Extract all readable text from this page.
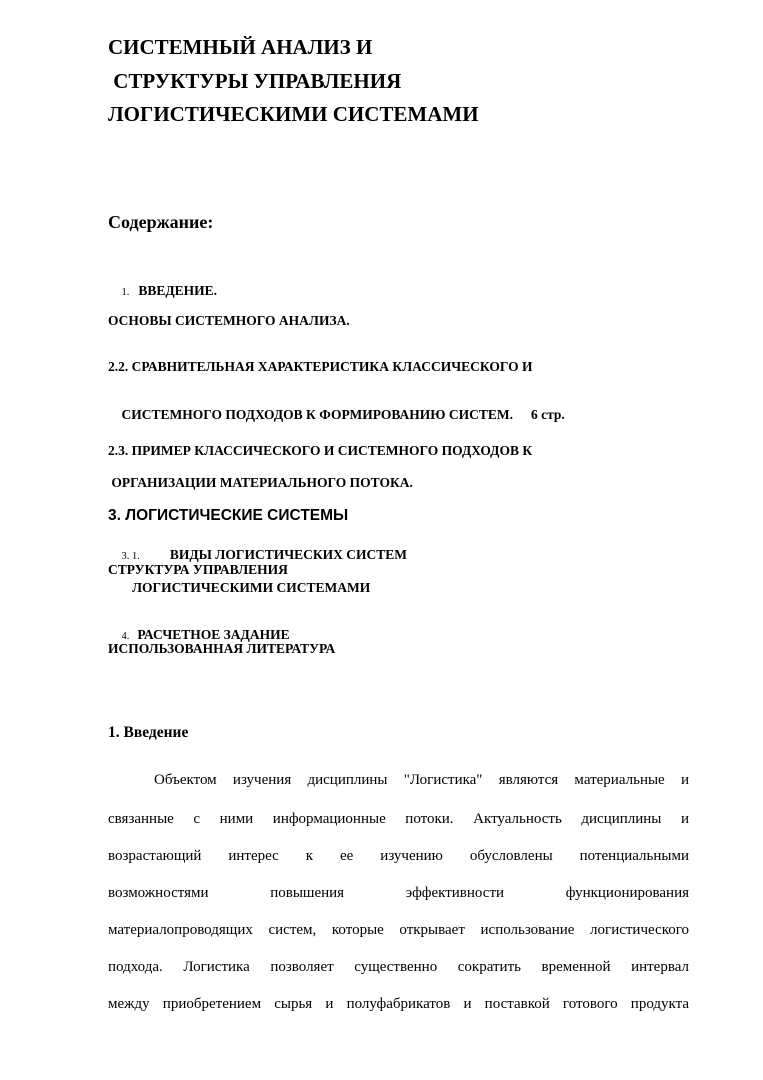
СИСТЕМНЫЙ АНАЛИЗ И
СТРУКТУРЫ УПРАВЛЕНИЯ
ЛОГИСТИЧЕСКИМИ СИСТЕМАМИ
Содержание:

1. ВВЕДЕНИЕ.

ОСНОВЫ СИСТЕМНОГО АНАЛИЗА.
2.2. СРАВНИТЕЛЬНАЯ ХАРАКТЕРИСТИКА КЛАССИЧЕСКОГО И

СИСТЕМНОГО ПОДХОДОВ К ФОРМИРОВАНИЮ СИСТЕМ. 6 стр.

2.3. ПРИМЕР КЛАССИЧЕСКОГО И СИСТЕМНОГО ПОДХОДОВ К
ОРГАНИЗАЦИИ МАТЕРИАЛЬНОГО ПОТОКА.
3. ЛОГИСТИЧЕСКИЕ СИСТЕМЫ

3. 1. ВИДЫ ЛОГИСТИЧЕСКИХ СИСТЕМ

СТРУКТУРА УПРАВЛЕНИЯ
ЛОГИСТИЧЕСКИМИ СИСТЕМАМИ

4. РАСЧЕТНОЕ ЗАДАНИЕ

ИСПОЛЬЗОВАННАЯ ЛИТЕРАТУРА
1. Введение
Объектом изучения дисциплины "Логистика" являются материальные и
связанные с ними информационные потоки. Актуальность дисциплины и
возрастающий интерес к ее изучению обусловлены потенциальными
возможностями повышения эффективности функционирования
материалопроводящих систем, которые открывает использование логистического
подхода. Логистика позволяет существенно сократить временной интервал
между приобретением сырья и полуфабрикатов и поставкой готового продукта
